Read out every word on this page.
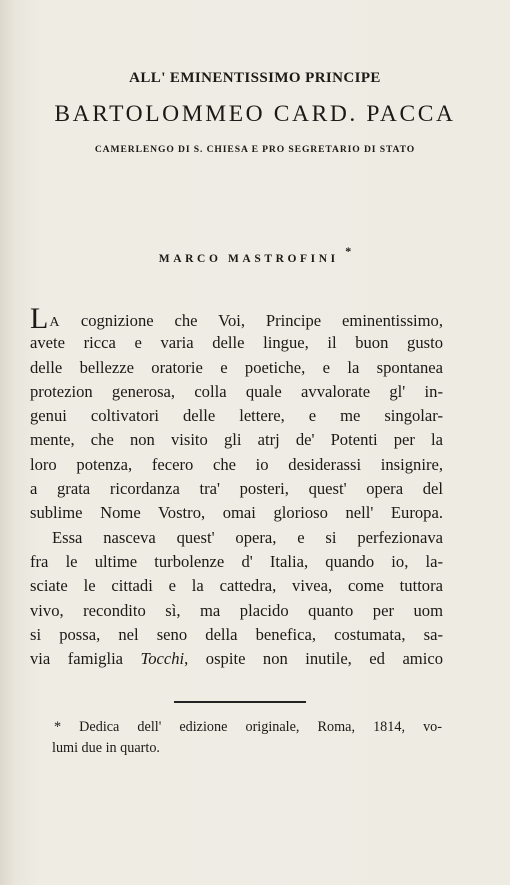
ALL' EMINENTISSIMO PRINCIPE
BARTOLOMMEO CARD. PACCA
CAMERLENGO DI S. CHIESA E PRO SEGRETARIO DI STATO
MARCO MASTROFINI *
LA cognizione che Voi, Principe eminentissimo,
avete ricca e varia delle lingue, il buon gusto
delle bellezze oratorie e poetiche, e la spontanea
protezion generosa, colla quale avvalorate gl' in-
genui coltivatori delle lettere, e me singolar-
mente, che non visito gli atrj de' Potenti per la
loro potenza, fecero che io desiderassi insignire,
a grata ricordanza tra' posteri, quest' opera del
sublime Nome Vostro, omai glorioso nell' Europa.
Essa nasceva quest' opera, e si perfezionava
fra le ultime turbolenze d' Italia, quando io, la-
sciate le cittadi e la cattedra, vivea, come tuttora
vivo, recondito sì, ma placido quanto per uom
si possa, nel seno della benefica, costumata, sa-
via famiglia Tocchi, ospite non inutile, ed amico
* Dedica dell' edizione originale, Roma, 1814, vo-
lumi due in quarto.
